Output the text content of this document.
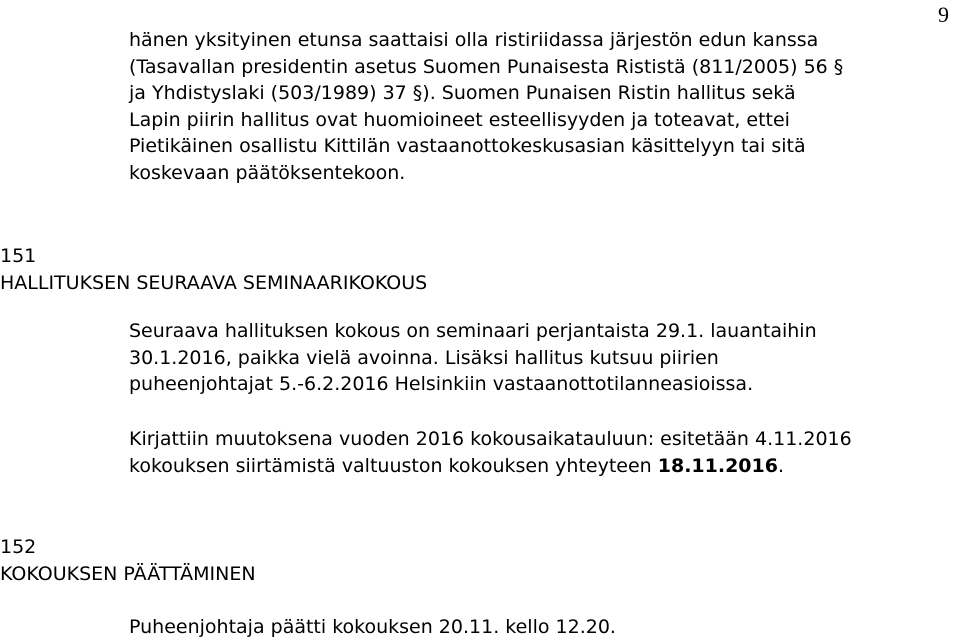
9
hänen yksityinen etunsa saattaisi olla ristiriidassa järjestön edun kanssa
(Tasavallan presidentin asetus Suomen Punaisesta Rististä (811/2005) 56 §
ja Yhdistyslaki (503/1989) 37 §). Suomen Punaisen Ristin hallitus sekä
Lapin piirin hallitus ovat huomioineet esteellisyyden ja toteavat, ettei
Pietikäinen osallistu Kittilän vastaanottokeskusasian käsittelyyn tai sitä
koskevaan päätöksentekoon.
151
HALLITUKSEN SEURAAVA SEMINAARIKOKOUS
Seuraava hallituksen kokous on seminaari perjantaista 29.1. lauantaihin
30.1.2016, paikka vielä avoinna. Lisäksi hallitus kutsuu piirien
puheenjohtajat 5.-6.2.2016 Helsinkiin vastaanottotilanneasioissa.
Kirjattiin muutoksena vuoden 2016 kokousaikatauluun: esitetään 4.11.2016
kokouksen siirtämistä valtuuston kokouksen yhteyteen 18.11.2016.
152
KOKOUKSEN PÄÄTTÄMINEN
Puheenjohtaja päätti kokouksen 20.11. kello 12.20.
